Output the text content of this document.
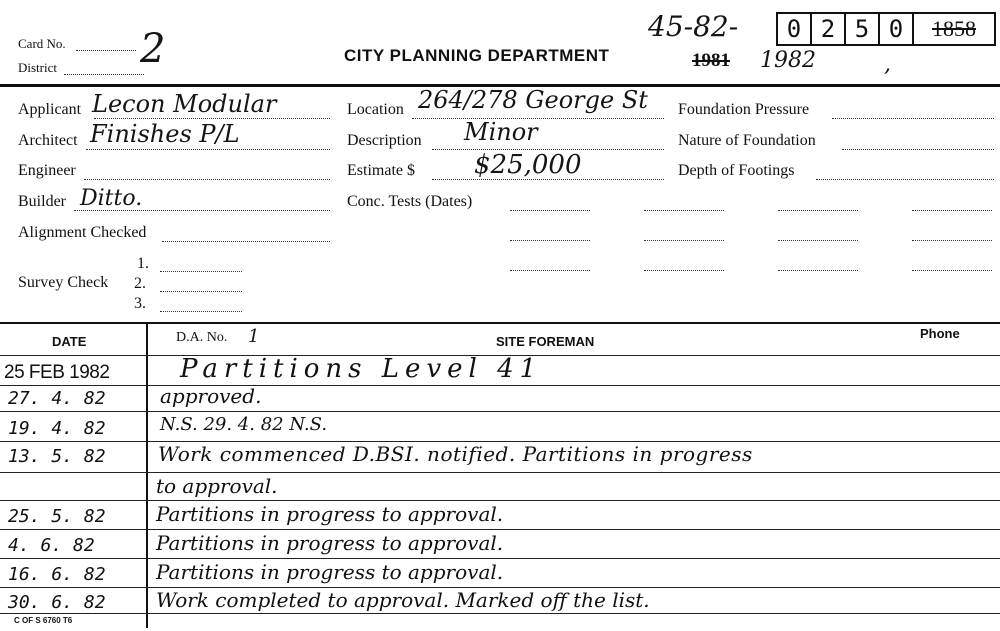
Card No.
District 2	CITY PLANNING DEPARTMENT
45-82-	0 2 5 0	1858
1981 1982	,
Applicant Lecon Modular
Architect Finishes P/L
Engineer
Builder Ditto.
Alignment Checked
Survey Check
1.
2.
3.
Location 264/278 George St
Description Minor
Estimate $ $25,000
Conc. Tests (Dates)
Foundation Pressure
Nature of Foundation
Depth of Footings
DATE	D.A. No. 1	SITE FOREMAN
Phone
25 FEB 1982	Partitions Level 41
27. 4. 82	approved.
19. 4. 82	N.S. 29. 4. 82 N.S.
13. 5. 82	Work commenced D.BSI. notified. Partitions in progress
to approval.
25. 5. 82	Partitions in progress to approval.
4. 6. 82	Partitions in progress to approval.
16. 6. 82	Partitions in progress to approval.
30. 6. 82	Work completed to approval. Marked off the list.
C OF S 6760 T6
